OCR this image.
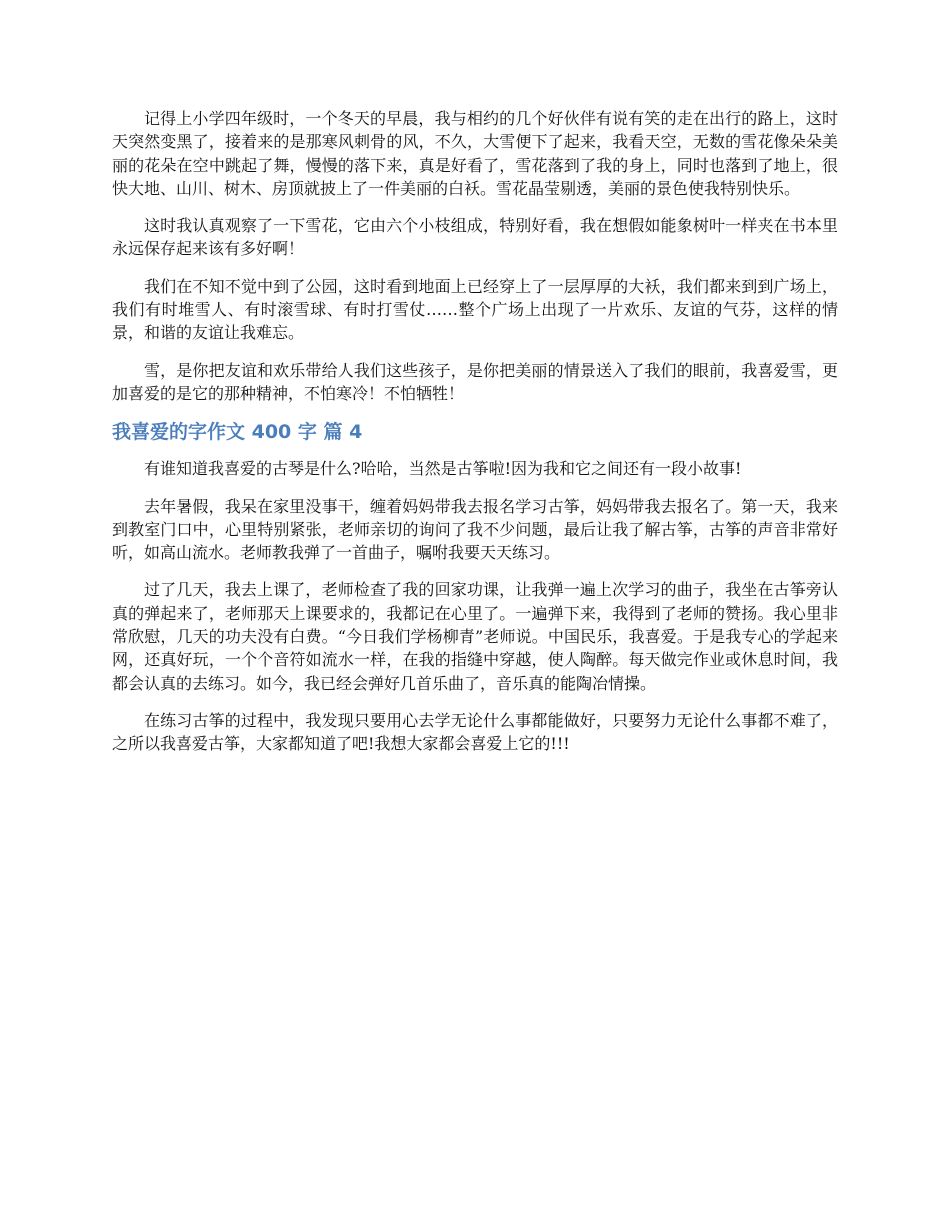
记得上小学四年级时，一个冬天的早晨，我与相约的几个好伙伴有说有笑的走在出行的路上，这时天突然变黑了，接着来的是那寒风刺骨的风，不久，大雪便下了起来，我看天空，无数的雪花像朵朵美丽的花朵在空中跳起了舞，慢慢的落下来，真是好看了，雪花落到了我的身上，同时也落到了地上，很快大地、山川、树木、房顶就披上了一件美丽的白袄。雪花晶莹剔透，美丽的景色使我特别快乐。

这时我认真观察了一下雪花，它由六个小枝组成，特别好看，我在想假如能象树叶一样夹在书本里永远保存起来该有多好啊！

我们在不知不觉中到了公园，这时看到地面上已经穿上了一层厚厚的大袄，我们都来到到广场上，我们有时堆雪人、有时滚雪球、有时打雪仗……整个广场上出现了一片欢乐、友谊的气芬，这样的情景，和谐的友谊让我难忘。

雪，是你把友谊和欢乐带给人我们这些孩子，是你把美丽的情景送入了我们的眼前，我喜爱雪，更加喜爱的是它的那种精神，不怕寒冷！不怕牺牲！

我喜爱的字作文 400 字 篇 4

有谁知道我喜爱的古琴是什么?哈哈，当然是古筝啦!因为我和它之间还有一段小故事!

去年暑假，我呆在家里没事干，缠着妈妈带我去报名学习古筝，妈妈带我去报名了。第一天，我来到教室门口中，心里特别紧张，老师亲切的询问了我不少问题，最后让我了解古筝，古筝的声音非常好听，如高山流水。老师教我弹了一首曲子，嘱咐我要天天练习。

过了几天，我去上课了，老师检查了我的回家功课，让我弹一遍上次学习的曲子，我坐在古筝旁认真的弹起来了，老师那天上课要求的，我都记在心里了。一遍弹下来，我得到了老师的赞扬。我心里非常欣慰，几天的功夫没有白费。“今日我们学杨柳青”老师说。中国民乐，我喜爱。于是我专心的学起来网，还真好玩，一个个音符如流水一样，在我的指缝中穿越，使人陶醉。每天做完作业或休息时间，我都会认真的去练习。如今，我已经会弹好几首乐曲了，音乐真的能陶冶情操。

在练习古筝的过程中，我发现只要用心去学无论什么事都能做好，只要努力无论什么事都不难了，之所以我喜爱古筝，大家都知道了吧!我想大家都会喜爱上它的!!!
